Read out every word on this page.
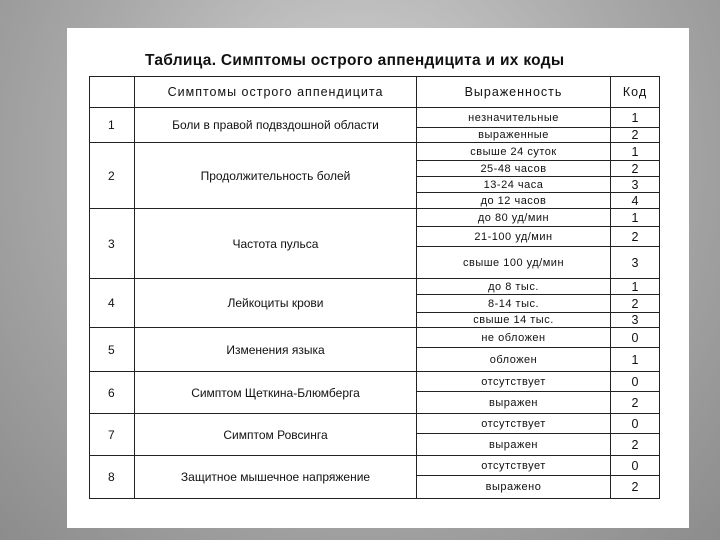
Таблица. Симптомы острого аппендицита и их коды
	Симптомы острого аппендицита	Выраженность	Код
1	Боли в правой подвздошной области	незначительные	1
		выраженные	2
2	Продолжительность болей	свыше 24 суток	1
		25-48 часов	2
		13-24 часа	3
		до 12 часов	4
3	Частота пульса	до 80 уд/мин	1
		21-100 уд/мин	2
		свыше 100 уд/мин	3
4	Лейкоциты крови	до 8 тыс.	1
		8-14 тыс.	2
		свыше 14 тыс.	3
5	Изменения языка	не обложен	0
		обложен	1
6	Симптом Щеткина-Блюмберга	отсутствует	0
		выражен	2
7	Симптом Ровсинга	отсутствует	0
		выражен	2
8	Защитное мышечное напряжение	отсутствует	0
		выражено	2
